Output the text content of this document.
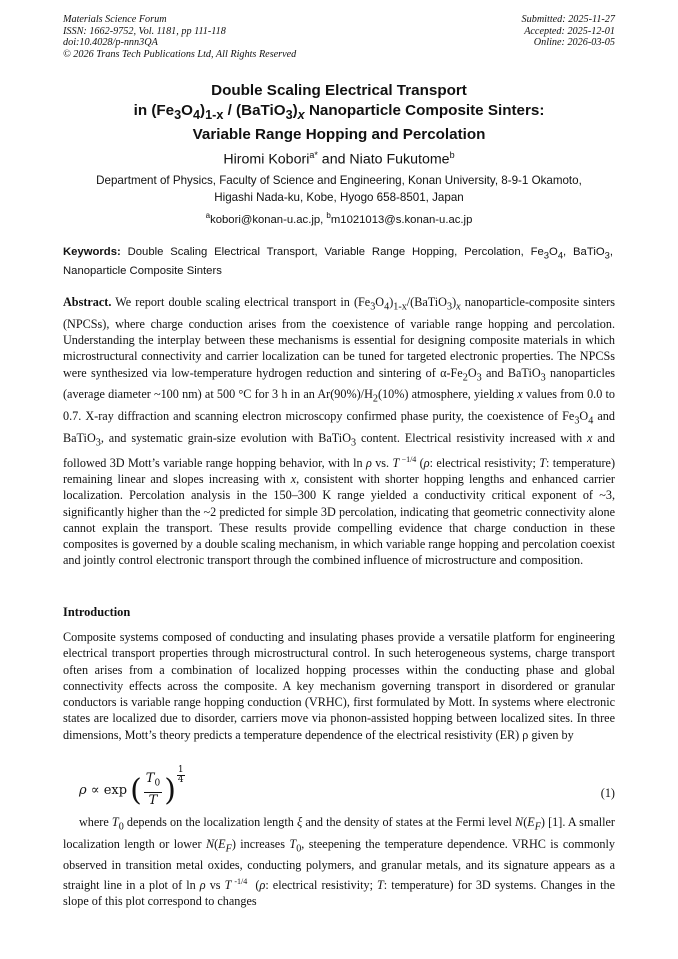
Materials Science Forum
ISSN: 1662-9752, Vol. 1181, pp 111-118
doi:10.4028/p-nnn3QA
© 2026 Trans Tech Publications Ltd, All Rights Reserved
Submitted: 2025-11-27
Accepted: 2025-12-01
Online: 2026-03-05
Double Scaling Electrical Transport
in $(Fe_3O_4)_{1-x}$ / $(BaTiO_3)_x$ Nanoparticle Composite Sinters:
Variable Range Hopping and Percolation
Hiromi Kobori$^{a*}$ and Niato Fukutome$^b$
Department of Physics, Faculty of Science and Engineering, Konan University, 8-9-1 Okamoto,
Higashi Nada-ku, Kobe, Hyogo 658-8501, Japan
$^a$kobori@konan-u.ac.jp, $^b$m1021013@s.konan-u.ac.jp
Keywords: Double Scaling Electrical Transport, Variable Range Hopping, Percolation, $Fe_3O_4$, BaTiO$_3$, Nanoparticle Composite Sinters
Abstract. We report double scaling electrical transport in $(Fe_3O_4)_{1-x}/(BaTiO_3)_x$ nanoparticle-composite sinters (NPCSs), where charge conduction arises from the coexistence of variable range hopping and percolation. Understanding the interplay between these mechanisms is essential for designing composite materials in which microstructural connectivity and carrier localization can be tuned for targeted electronic properties. The NPCSs were synthesized via low-temperature hydrogen reduction and sintering of $\alpha-Fe_2O_3$ and BaTiO$_3$ nanoparticles (average diameter ~100 nm) at 500 °C for 3 h in an $Ar(90\%)/H_2(10\%)$ atmosphere, yielding x values from 0.0 to 0.7. X-ray diffraction and scanning electron microscopy confirmed phase purity, the coexistence of $Fe_3O_4$ and BaTiO$_3$, and systematic grain-size evolution with BaTiO$_3$ content. Electrical resistivity increased with x and followed 3D Mott’s variable range hopping behavior, with ln ρ vs. T $^{-1/4}$ (ρ: electrical resistivity; T: temperature) remaining linear and slopes increasing with x, consistent with shorter hopping lengths and enhanced carrier localization. Percolation analysis in the 150–300 K range yielded a conductivity critical exponent of ~3, significantly higher than the ~2 predicted for simple 3D percolation, indicating that geometric connectivity alone cannot explain the transport. These results provide compelling evidence that charge conduction in these composites is governed by a double scaling mechanism, in which variable range hopping and percolation coexist and jointly control electronic transport through the combined influence of microstructure and composition.
Introduction
Composite systems composed of conducting and insulating phases provide a versatile platform for engineering electrical transport properties through microstructural control. In such heterogeneous systems, charge transport often arises from a combination of localized hopping processes within the conducting phase and global connectivity effects across the composite. A key mechanism governing transport in disordered or granular conductors is variable range hopping conduction (VRHC), first formulated by Mott. In systems where electronic states are localized due to disorder, carriers move via phonon-assisted hopping between localized sites. In three dimensions, Mott’s theory predicts a temperature dependence of the electrical resistivity (ER) ρ given by
ρ ∝ exp ( $\frac{T_0}{T}$ ) $\frac{1}{4}$
(1)
where $T_0$ depends on the localization length ξ and the density of states at the Fermi level $N(E_F)$ [1]. A smaller localization length or lower $N(E_F)$ increases $T_0$, steepening the temperature dependence. VRHC is commonly observed in transition metal oxides, conducting polymers, and granular metals, and its signature appears as a straight line in a plot of ln ρ vs T $^{-1/4}$  (ρ: electrical resistivity; T: temperature) for 3D systems. Changes in the slope of this plot correspond to changes
